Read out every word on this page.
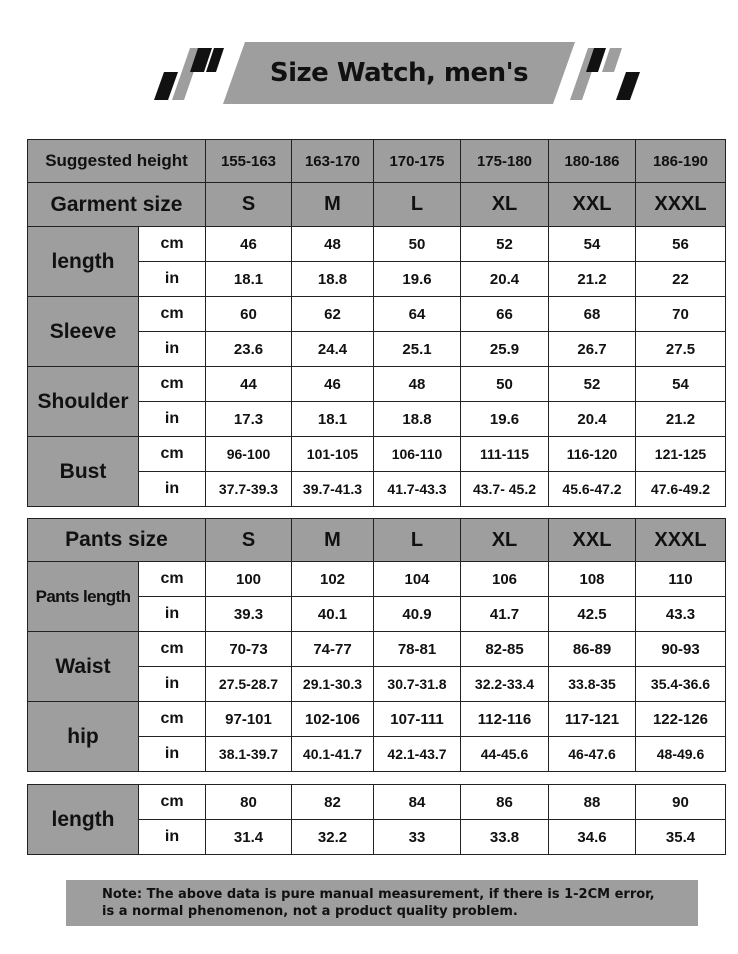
Size Watch, men's
Suggested height		155-163	163-170	170-175	175-180	180-186	186-190
Garment size		S	M	L	XL	XXL	XXXL
length	cm	46	48	50	52	54	56
	in	18.1	18.8	19.6	20.4	21.2	22
Sleeve	cm	60	62	64	66	68	70
	in	23.6	24.4	25.1	25.9	26.7	27.5
Shoulder	cm	44	46	48	50	52	54
	in	17.3	18.1	18.8	19.6	20.4	21.2
Bust	cm	96-100	101-105	106-110	111-115	116-120	121-125
	in	37.7-39.3	39.7-41.3	41.7-43.3	43.7- 45.2	45.6-47.2	47.6-49.2
Pants size		S	M	L	XL	XXL	XXXL
Pants length	cm	100	102	104	106	108	110
	in	39.3	40.1	40.9	41.7	42.5	43.3
Waist	cm	70-73	74-77	78-81	82-85	86-89	90-93
	in	27.5-28.7	29.1-30.3	30.7-31.8	32.2-33.4	33.8-35	35.4-36.6
hip	cm	97-101	102-106	107-111	112-116	117-121	122-126
	in	38.1-39.7	40.1-41.7	42.1-43.7	44-45.6	46-47.6	48-49.6
length	cm	80	82	84	86	88	90
	in	31.4	32.2	33	33.8	34.6	35.4
Note: The above data is pure manual measurement, if there is 1-2CM error,
is a normal phenomenon, not a product quality problem.
